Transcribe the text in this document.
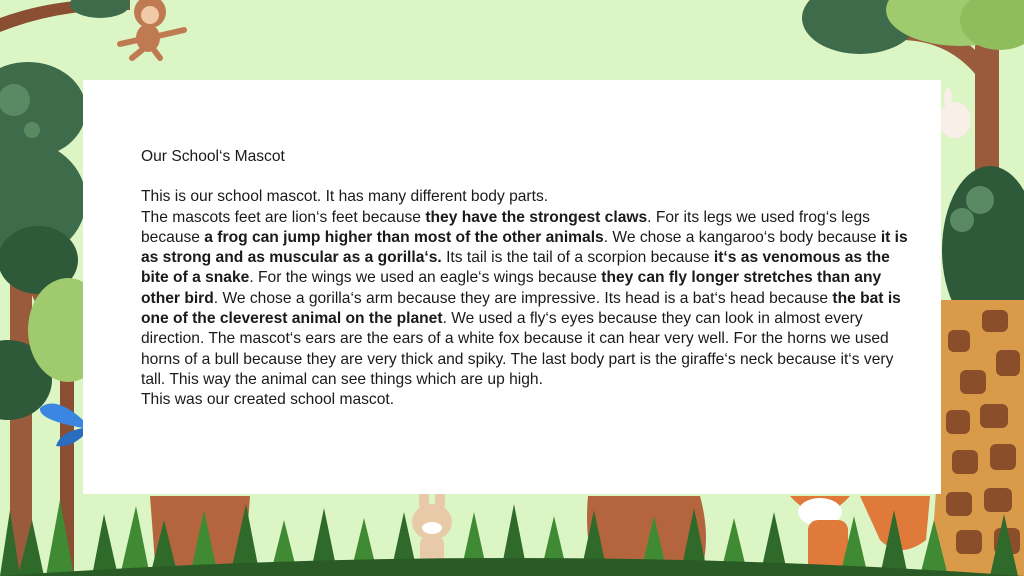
Our School‘s Mascot

This is our school mascot. It has many different body parts.

The mascots feet are lion‘s feet because they have the strongest claws. For its legs we used frog‘s legs because a frog can jump higher than most of the other animals. We chose a kangaroo‘s body because it is as strong and as muscular as a gorilla‘s. Its tail is the tail of a scorpion because it‘s as venomous as the bite of a snake. For the wings we used an eagle‘s wings because they can fly longer stretches than any other bird. We chose a gorilla‘s arm because they are impressive. Its head is a bat‘s head because the bat is one of the cleverest animal on the planet. We used a fly‘s eyes because they can look in almost every direction. The mascot‘s ears are the ears of a white fox because it can hear very well. For the horns we used horns of a bull because they are very thick and spiky. The last body part is the giraffe‘s neck because it‘s very tall. This way the animal can see things which are up high.

This was our created school mascot.
